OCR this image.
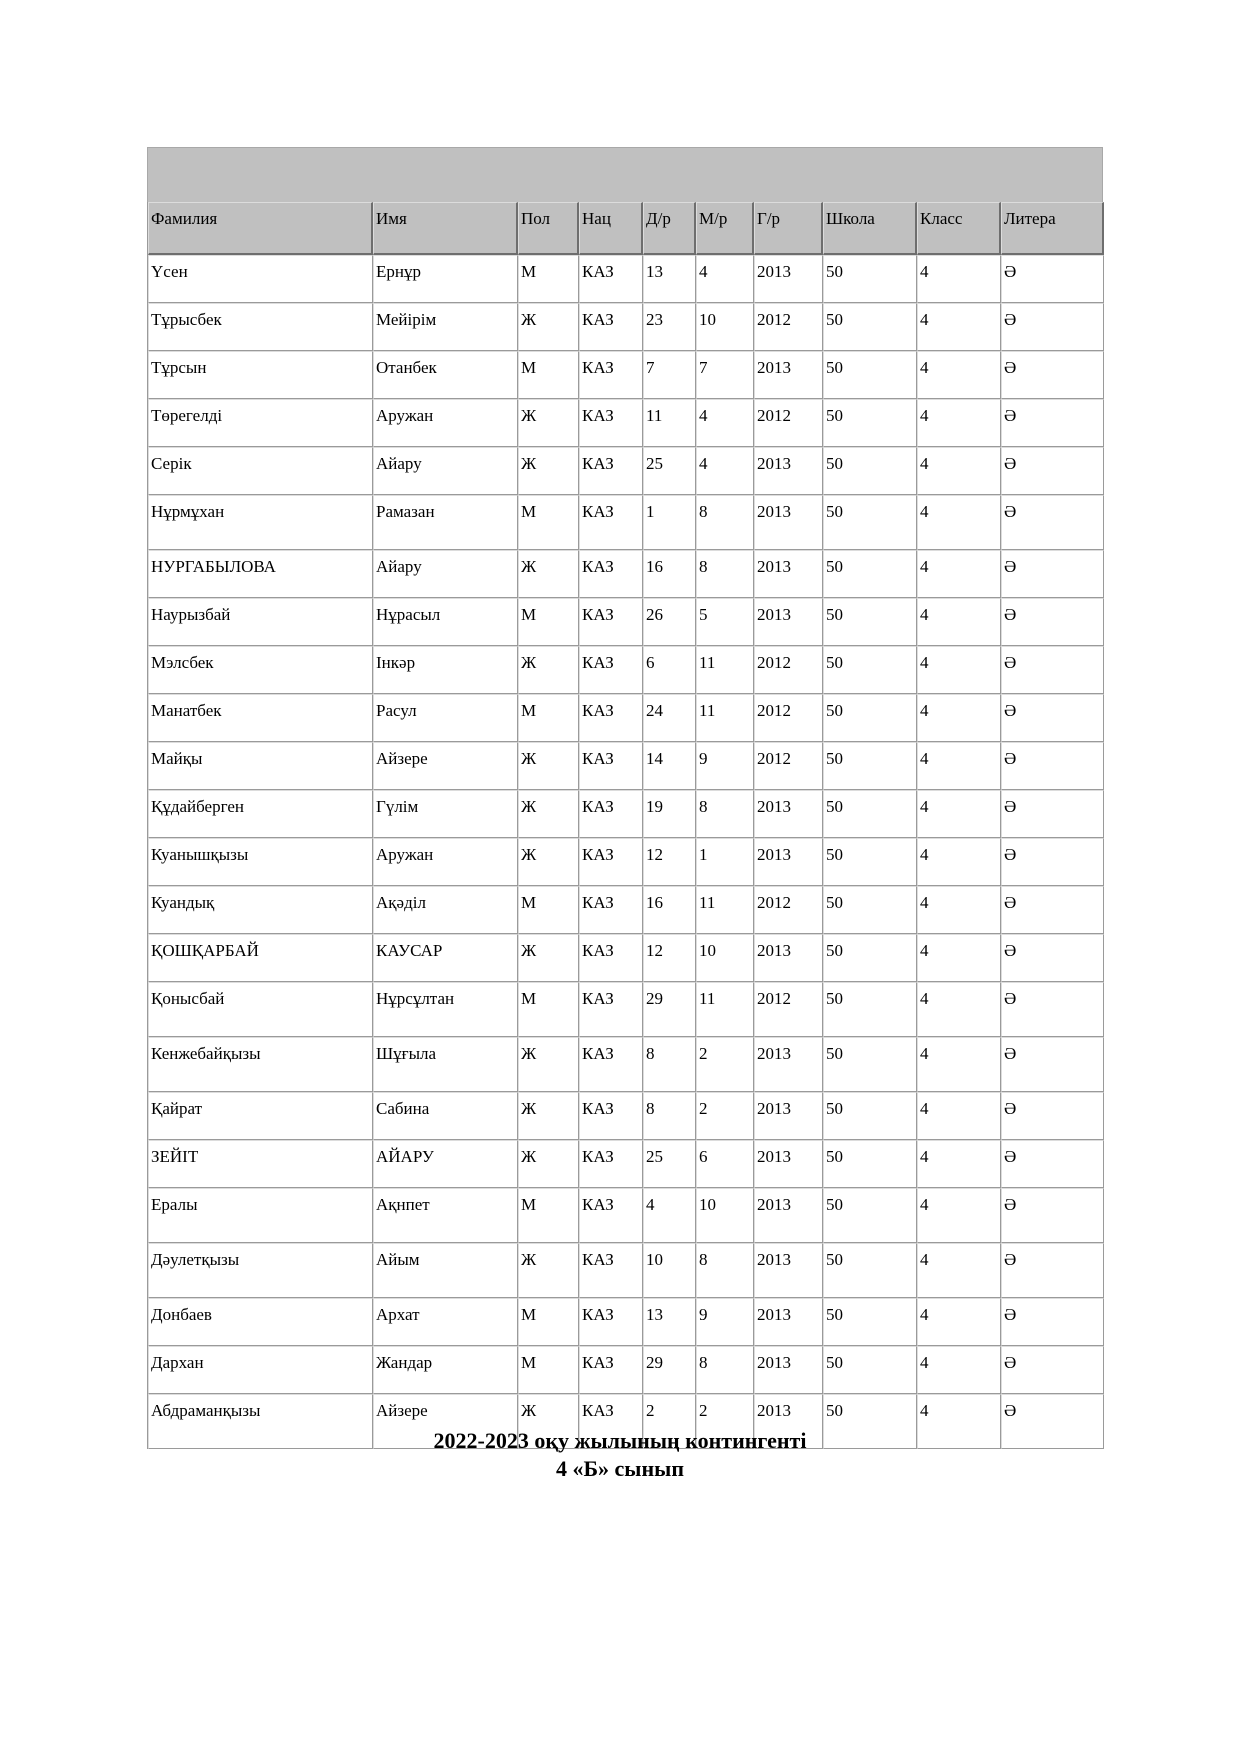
Фамилия	Имя	Пол	Нац	Д/р	М/р	Г/р	Школа	Класс	Литера
Үсен	Ернұр	М	КАЗ	13	4	2013	50	4	Ә
Тұрысбек	Мейірім	Ж	КАЗ	23	10	2012	50	4	Ә
Тұрсын	Отанбек	М	КАЗ	7	7	2013	50	4	Ә
Төрегелді	Аружан	Ж	КАЗ	11	4	2012	50	4	Ә
Серік	Айару	Ж	КАЗ	25	4	2013	50	4	Ә
Нұрмұхан	Рамазан	М	КАЗ	1	8	2013	50	4	Ә
НУРГАБЫЛОВА	Айару	Ж	КАЗ	16	8	2013	50	4	Ә
Наурызбай	Нұрасыл	М	КАЗ	26	5	2013	50	4	Ә
Мэлсбек	Інкәр	Ж	КАЗ	6	11	2012	50	4	Ә
Манатбек	Расул	М	КАЗ	24	11	2012	50	4	Ә
Майқы	Айзере	Ж	КАЗ	14	9	2012	50	4	Ә
Құдайберген	Гүлім	Ж	КАЗ	19	8	2013	50	4	Ә
Куанышқызы	Аружан	Ж	КАЗ	12	1	2013	50	4	Ә
Куандық	Ақәділ	М	КАЗ	16	11	2012	50	4	Ә
ҚОШҚАРБАЙ	КАУСАР	Ж	КАЗ	12	10	2013	50	4	Ә
Қонысбай	Нұрсұлтан	М	КАЗ	29	11	2012	50	4	Ә
Кенжебайқызы	Шұғыла	Ж	КАЗ	8	2	2013	50	4	Ә
Қайрат	Сабина	Ж	КАЗ	8	2	2013	50	4	Ә
ЗЕЙІТ	АЙАРУ	Ж	КАЗ	25	6	2013	50	4	Ә
Ералы	Ақнпет	М	КАЗ	4	10	2013	50	4	Ә
Дәулетқызы	Айым	Ж	КАЗ	10	8	2013	50	4	Ә
Донбаев	Архат	М	КАЗ	13	9	2013	50	4	Ә
Дархан	Жандар	М	КАЗ	29	8	2013	50	4	Ә
Абдраманқызы	Айзере	Ж	КАЗ	2	2	2013	50	4	Ә
2022-2023 оқу жылының контингенті
4 «Б» сынып
